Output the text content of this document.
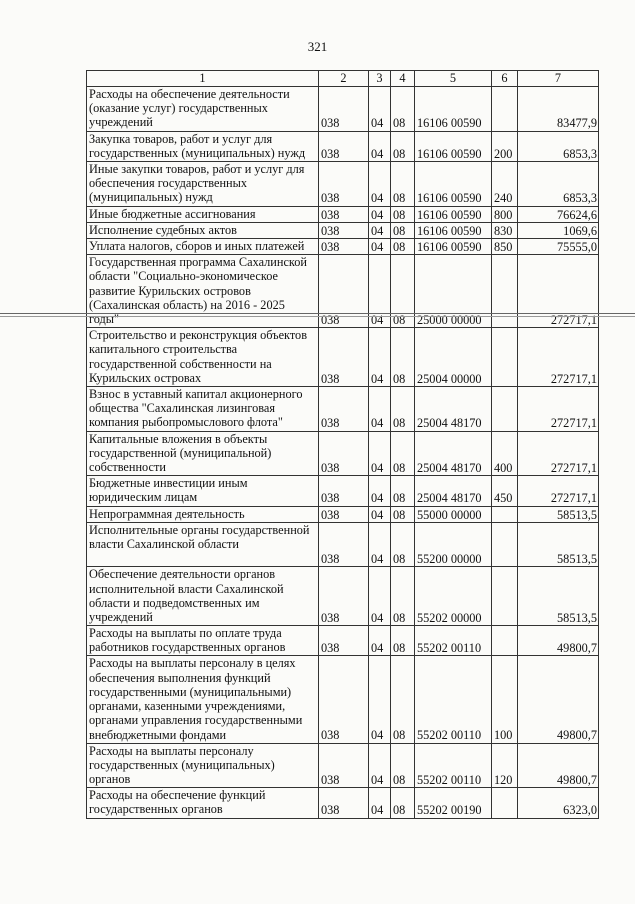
321
1	2	3	4	5	6	7
Расходы на обеспечение деятельности (оказание услуг) государственных учреждений	038	04	08	16106 00590		83477,9
Закупка товаров, работ и услуг для государственных (муниципальных) нужд	038	04	08	16106 00590	200	6853,3
Иные закупки товаров, работ и услуг для обеспечения государственных (муниципальных) нужд	038	04	08	16106 00590	240	6853,3
Иные бюджетные ассигнования	038	04	08	16106 00590	800	76624,6
Исполнение судебных актов	038	04	08	16106 00590	830	1069,6
Уплата налогов, сборов и иных платежей	038	04	08	16106 00590	850	75555,0
Государственная программа Сахалинской области "Социально-экономическое развитие Курильских островов (Сахалинская область) на 2016 - 2025 годы"	038	04	08	25000 00000		272717,1
Строительство и реконструкция объектов капитального строительства государственной собственности на Курильских островах	038	04	08	25004 00000		272717,1
Взнос в уставный капитал акционерного общества "Сахалинская лизинговая компания рыбопромыслового флота"	038	04	08	25004 48170		272717,1
Капитальные вложения в объекты государственной (муниципальной) собственности	038	04	08	25004 48170	400	272717,1
Бюджетные инвестиции иным юридическим лицам	038	04	08	25004 48170	450	272717,1
Непрограммная деятельность	038	04	08	55000 00000		58513,5
Исполнительные органы государственной власти Сахалинской области	038	04	08	55200 00000		58513,5
Обеспечение деятельности органов исполнительной власти Сахалинской области и подведомственных им учреждений	038	04	08	55202 00000		58513,5
Расходы на выплаты по оплате труда работников государственных органов	038	04	08	55202 00110		49800,7
Расходы на выплаты персоналу в целях обеспечения выполнения функций государственными (муниципальными) органами, казенными учреждениями, органами управления государственными внебюджетными фондами	038	04	08	55202 00110	100	49800,7
Расходы на выплаты персоналу государственных (муниципальных) органов	038	04	08	55202 00110	120	49800,7
Расходы на обеспечение функций государственных органов	038	04	08	55202 00190		6323,0
